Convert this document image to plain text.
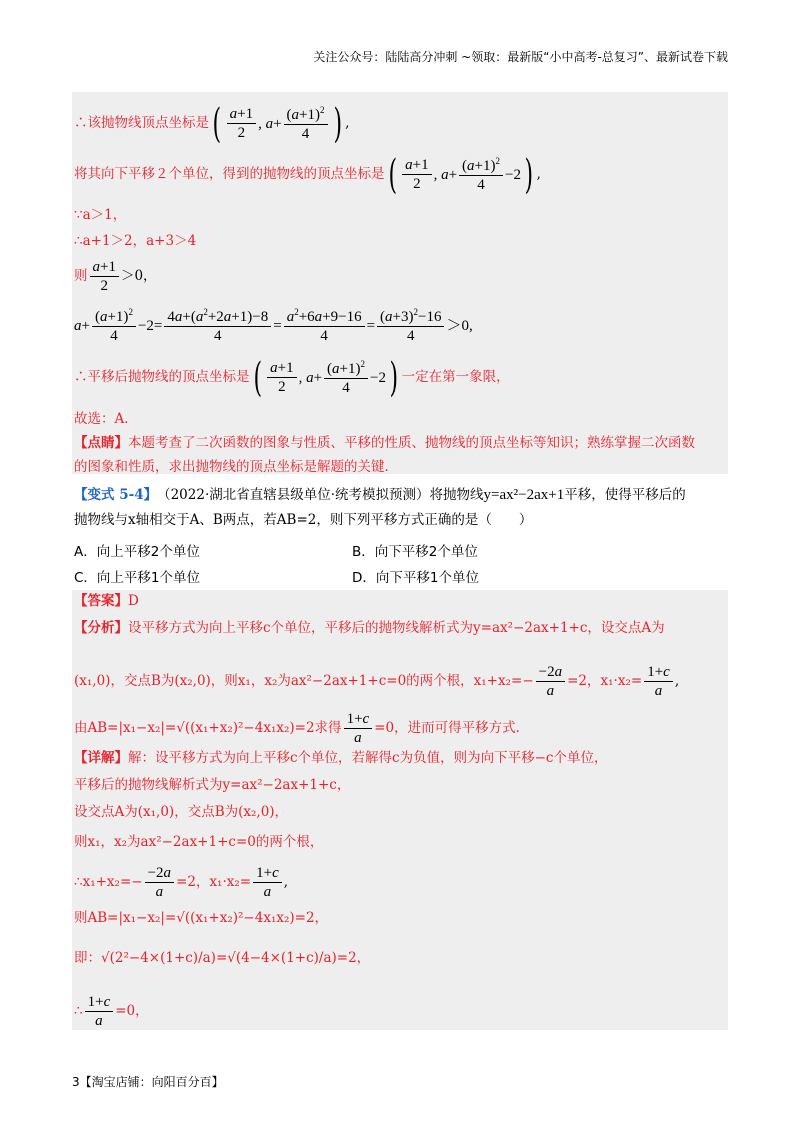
关注公众号：陆陆高分冲刺 ~领取：最新版“小中高考-总复习”、最新试卷下载
∴该抛物线顶点坐标是 ( a+1
2
, $a+ \frac{(a+1)^2}{4}$ ) ,
将其向下平移２个单位，得到的抛物线的顶点坐标是 ( a+1
2
, $a+ \frac{(a+1)^2}{4} -2$ ) ,
∵a＞1，
∴a+1＞2，a+3＞4
则
a+1
2
＞0，
a +
$(a+1)^2$
4
−2=
$4a+(a^2+2a+1)-8$
4
=
$a^2+6a+9-16$
4
=
$(a+3)^2-16$
4
＞0,
∴平移后抛物线的顶点坐标是 ( a+1
2
, $a+ \frac{(a+1)^2}{4} -2$ ) 一定在第一象限，
故选：A．
【点睛】 本题考查了二次函数的图象与性质、平移的性质、抛物线的顶点坐标等知识；熟练掌握二次函数
的图象和性质，求出抛物线的顶点坐标是解题的关键．
【变式 5-4】 （2022·湖北省直辖县级单位·统考模拟预测）将抛物线 y=ax²−2ax+1 平移，使得平移后的
抛物线与x轴相交于A、B两点，若AB=2，则下列平移方式正确的是（　　）
A．向上平移2个单位	B．向下平移2个单位
C．向上平移1个单位	D．向下平移1个单位
【答案】 D
【分析】 设平移方式为向上平移c个单位，平移后的抛物线解析式为y=ax²−2ax+1+c，设交点A为
(x₁,0)，交点B为(x₂,0)，则x₁，x₂为ax²−2ax+1+c=0的两个根，$x_1+x_2=- \frac{-2a}{a} =2$，$x_1\cdot x_2= \frac{1+c}{a}$ ,
由AB=|x₁−x₂|=√((x₁+x₂)²−4x₁x₂)=2求得 $\frac{1+c}{a} =0$，进而可得平移方式．
【详解】 解：设平移方式为向上平移c个单位，若解得c为负值，则为向下平移−c个单位，
平移后的抛物线解析式为y=ax²−2ax+1+c，
设交点A为(x₁,0)，交点B为(x₂,0)，
则x₁，x₂为ax²−2ax+1+c=0的两个根，
∴x₁+x₂=− $\frac{-2a}{a} =2$，$x_1\cdot x_2= \frac{1+c}{a}$ ,
则AB=|x₁−x₂|=√((x₁+x₂)²−4x₁x₂)=2，
即：√(2²−4×(1+c)/a)=√(4−4×(1+c)/a)=2，
∴ $\frac{1+c}{a} =0$，
3【淘宝店铺：向阳百分百】
